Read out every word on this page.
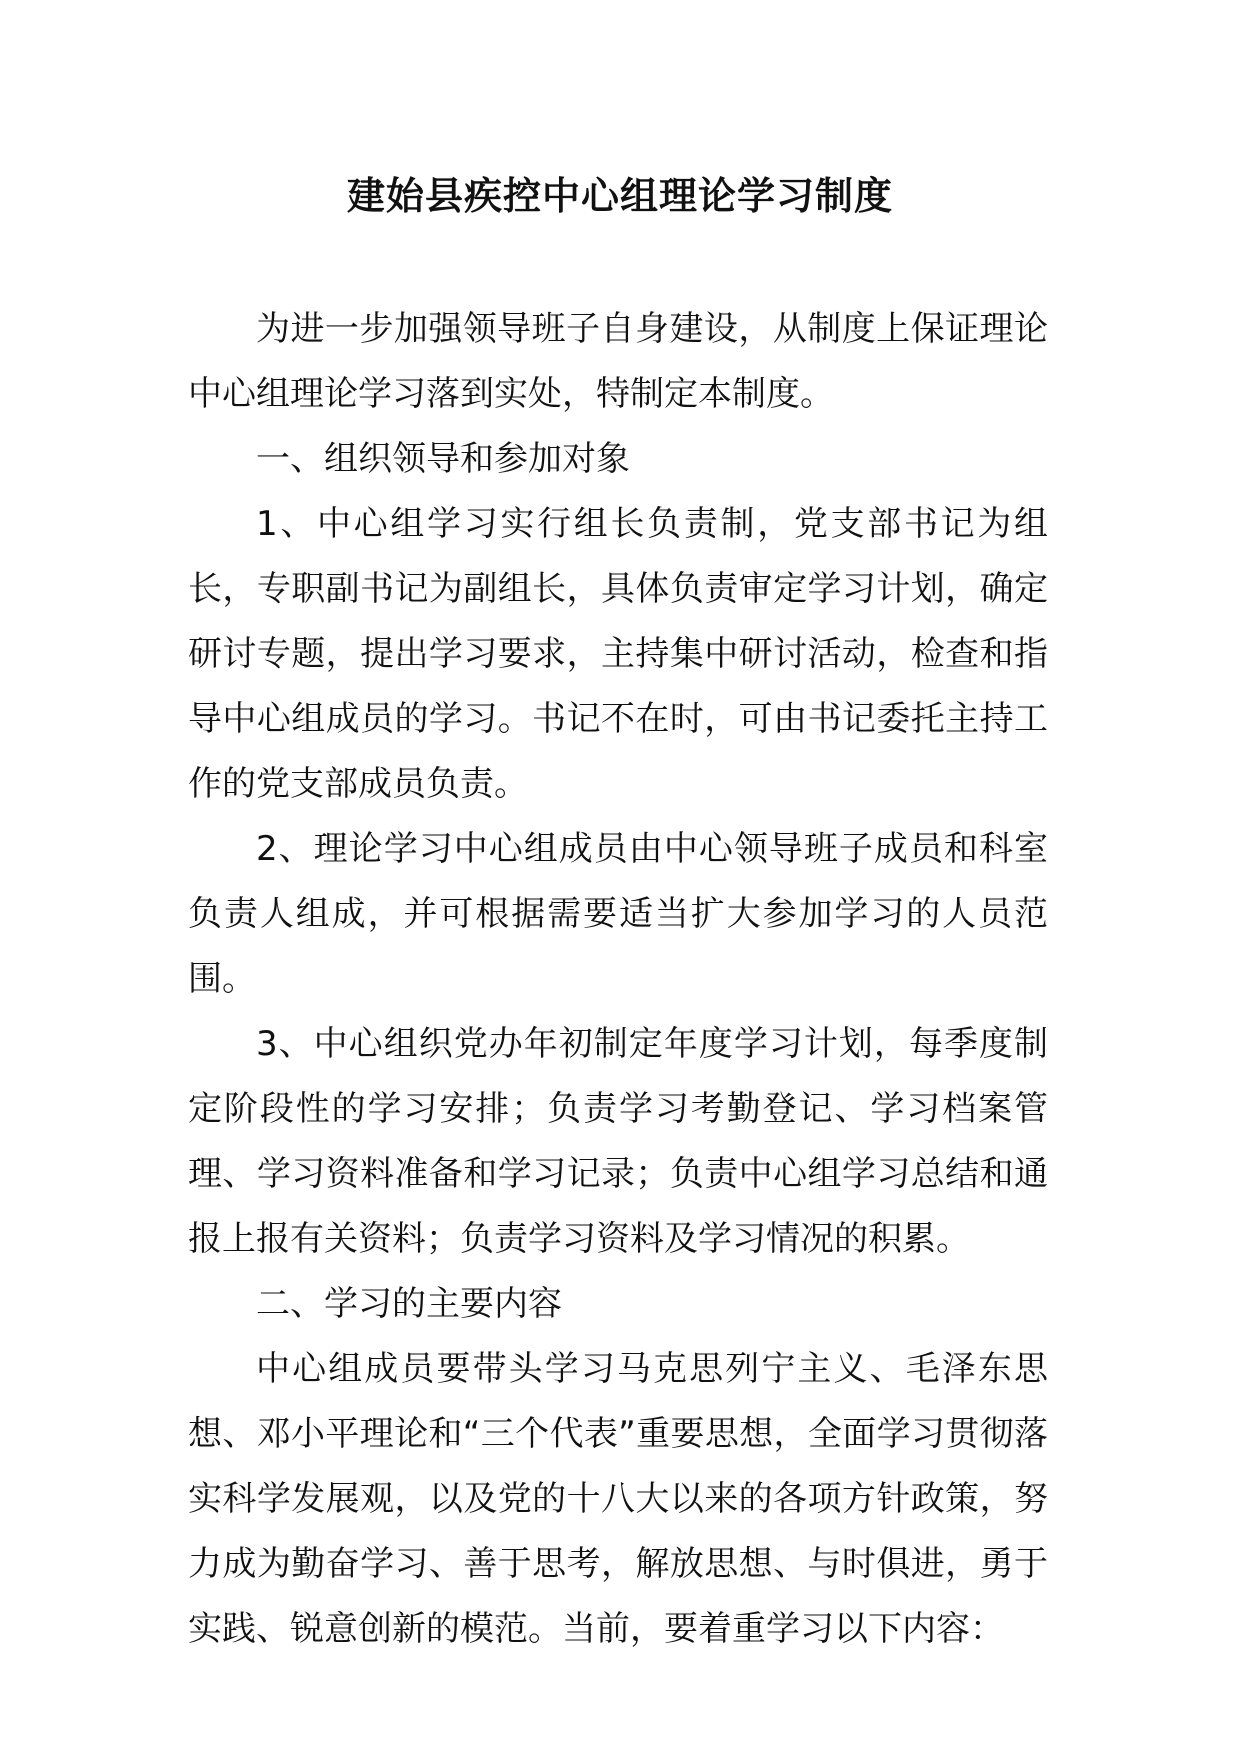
建始县疾控中心组理论学习制度

为进一步加强领导班子自身建设，从制度上保证理论中心组理论学习落到实处，特制定本制度。

一、组织领导和参加对象

1、中心组学习实行组长负责制，党支部书记为组长，专职副书记为副组长，具体负责审定学习计划，确定研讨专题，提出学习要求，主持集中研讨活动，检查和指导中心组成员的学习。书记不在时，可由书记委托主持工作的党支部成员负责。

2、理论学习中心组成员由中心领导班子成员和科室负责人组成，并可根据需要适当扩大参加学习的人员范围。

3、中心组织党办年初制定年度学习计划，每季度制定阶段性的学习安排；负责学习考勤登记、学习档案管理、学习资料准备和学习记录；负责中心组学习总结和通报上报有关资料；负责学习资料及学习情况的积累。

二、学习的主要内容

中心组成员要带头学习马克思列宁主义、毛泽东思想、邓小平理论和“三个代表”重要思想，全面学习贯彻落实科学发展观，以及党的十八大以来的各项方针政策，努力成为勤奋学习、善于思考，解放思想、与时俱进，勇于实践、锐意创新的模范。当前，要着重学习以下内容：
